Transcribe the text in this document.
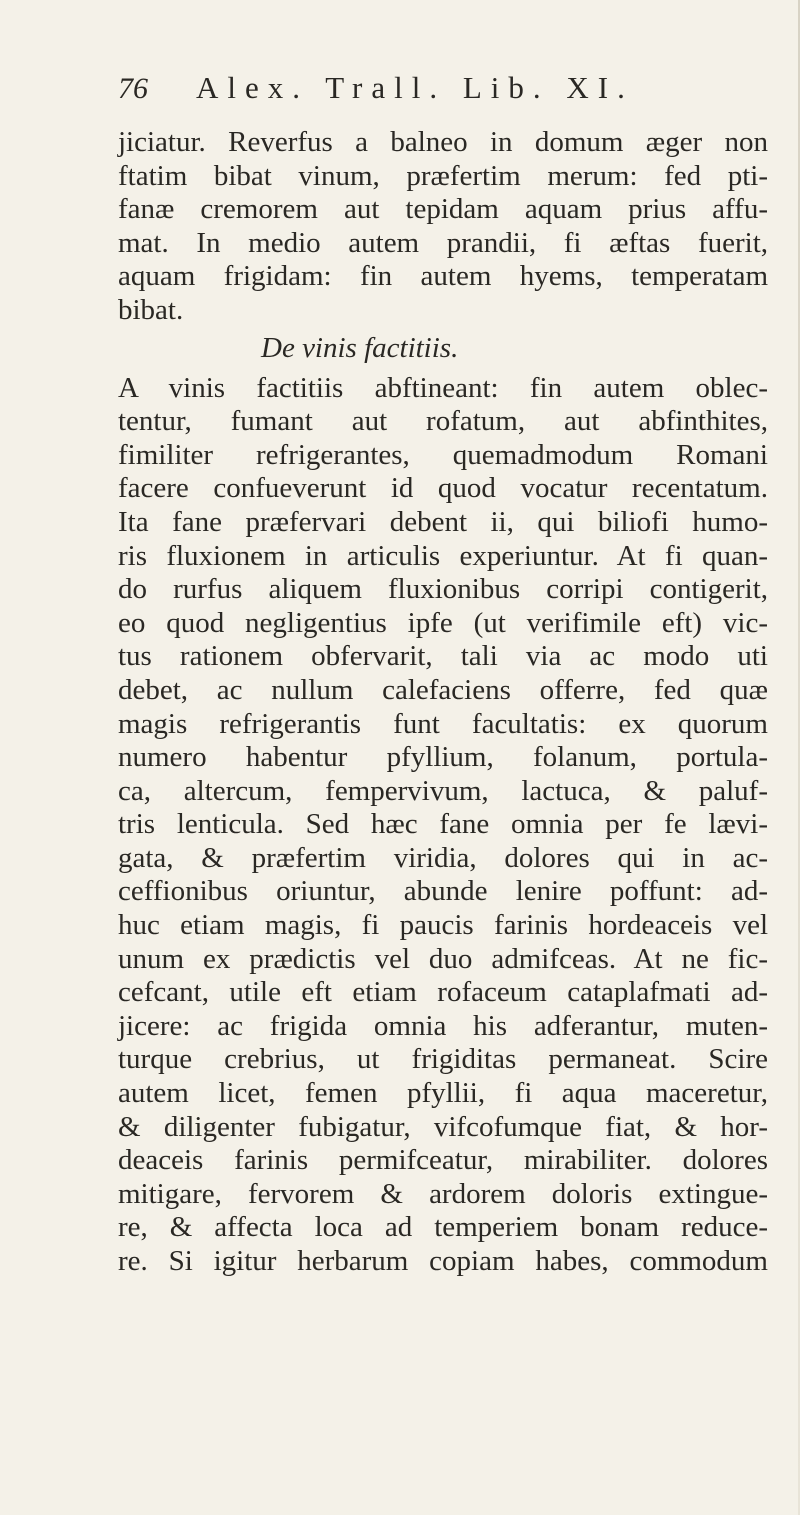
76	Alex. Trall. Lib. XI.
jiciatur. Reverfus a balneo in domum æger non
ftatim bibat vinum, præfertim merum: fed pti-
fanæ cremorem aut tepidam aquam prius affu-
mat. In medio autem prandii, fi æftas fuerit,
aquam frigidam: fin autem hyems, temperatam
bibat.
De vinis factitiis.
A vinis factitiis abftineant: fin autem oblec-
tentur, fumant aut rofatum, aut abfinthites,
fimiliter refrigerantes, quemadmodum Romani
facere confueverunt id quod vocatur recentatum.
Ita fane præfervari debent ii, qui biliofi humo-
ris fluxionem in articulis experiuntur. At fi quan-
do rurfus aliquem fluxionibus corripi contigerit,
eo quod negligentius ipfe (ut verifimile eft) vic-
tus rationem obfervarit, tali via ac modo uti
debet, ac nullum calefaciens offerre, fed quæ
magis refrigerantis funt facultatis: ex quorum
numero habentur pfyllium, folanum, portula-
ca, altercum, fempervivum, lactuca, & paluf-
tris lenticula. Sed hæc fane omnia per fe lævi-
gata, & præfertim viridia, dolores qui in ac-
ceffionibus oriuntur, abunde lenire poffunt: ad-
huc etiam magis, fi paucis farinis hordeaceis vel
unum ex prædictis vel duo admifceas. At ne fic-
cefcant, utile eft etiam rofaceum cataplafmati ad-
jicere: ac frigida omnia his adferantur, muten-
turque crebrius, ut frigiditas permaneat. Scire
autem licet, femen pfyllii, fi aqua maceretur,
& diligenter fubigatur, vifcofumque fiat, & hor-
deaceis farinis permifceatur, mirabiliter. dolores
mitigare, fervorem & ardorem doloris extingue-
re, & affecta loca ad temperiem bonam reduce-
re. Si igitur herbarum copiam habes, commodum
